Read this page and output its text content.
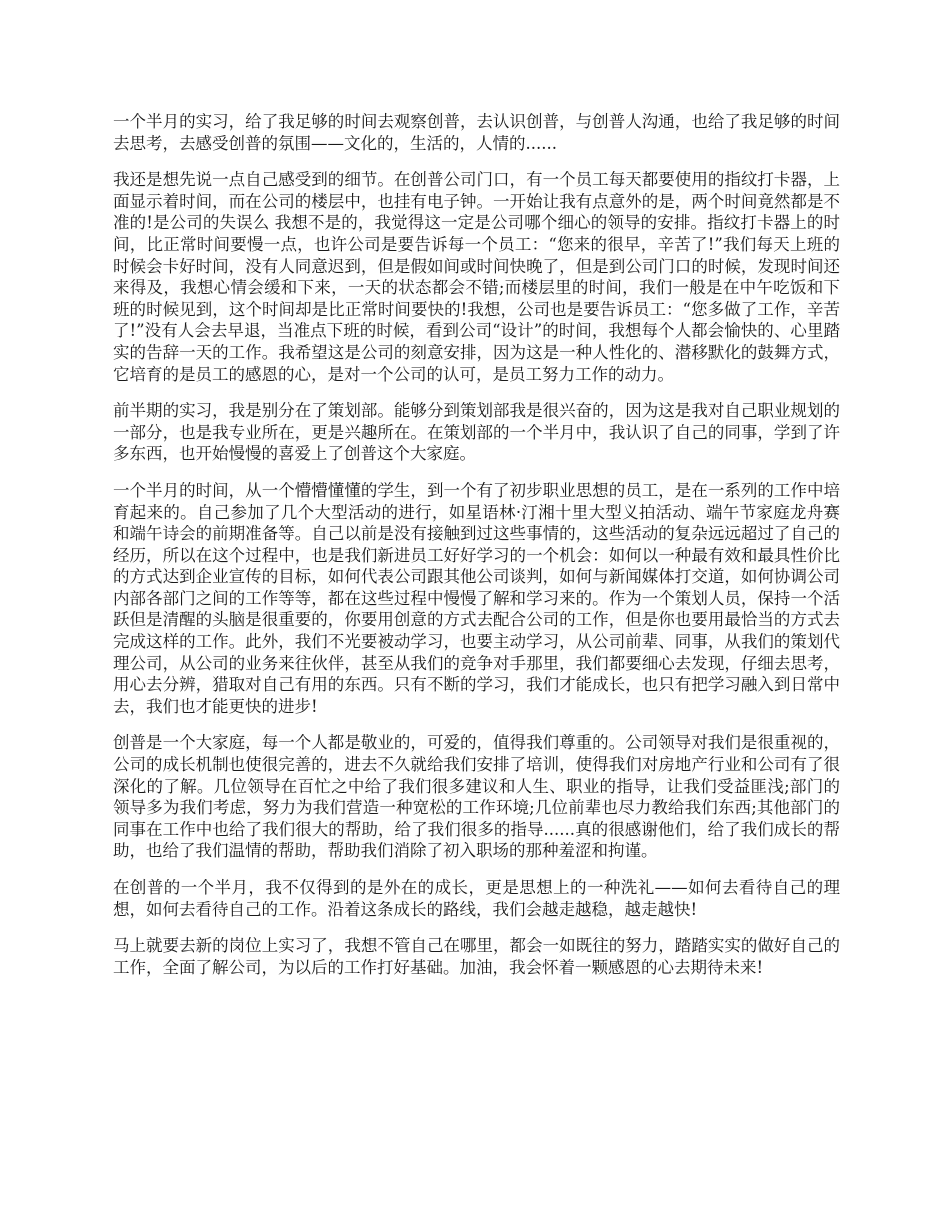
一个半月的实习，给了我足够的时间去观察创普，去认识创普，与创普人沟通，也给了我足够的时间去思考，去感受创普的氛围——文化的，生活的，人情的......

我还是想先说一点自己感受到的细节。在创普公司门口，有一个员工每天都要使用的指纹打卡器，上面显示着时间，而在公司的楼层中，也挂有电子钟。一开始让我有点意外的是，两个时间竟然都是不准的!是公司的失误么 我想不是的，我觉得这一定是公司哪个细心的领导的安排。指纹打卡器上的时间，比正常时间要慢一点，也许公司是要告诉每一个员工：“您来的很早，辛苦了!”我们每天上班的时候会卡好时间，没有人同意迟到，但是假如间或时间快晚了，但是到公司门口的时候，发现时间还来得及，我想心情会缓和下来，一天的状态都会不错;而楼层里的时间，我们一般是在中午吃饭和下班的时候见到，这个时间却是比正常时间要快的!我想，公司也是要告诉员工：“您多做了工作，辛苦了!”没有人会去早退，当准点下班的时候，看到公司“设计”的时间，我想每个人都会愉快的、心里踏实的告辞一天的工作。我希望这是公司的刻意安排，因为这是一种人性化的、潜移默化的鼓舞方式，它培育的是员工的感恩的心，是对一个公司的认可，是员工努力工作的动力。

前半期的实习，我是别分在了策划部。能够分到策划部我是很兴奋的，因为这是我对自己职业规划的一部分，也是我专业所在，更是兴趣所在。在策划部的一个半月中，我认识了自己的同事，学到了许多东西，也开始慢慢的喜爱上了创普这个大家庭。

一个半月的时间，从一个懵懵懂懂的学生，到一个有了初步职业思想的员工，是在一系列的工作中培育起来的。自己参加了几个大型活动的进行，如星语林·汀湘十里大型义拍活动、端午节家庭龙舟赛和端午诗会的前期准备等。自己以前是没有接触到过这些事情的，这些活动的复杂远远超过了自己的经历，所以在这个过程中，也是我们新进员工好好学习的一个机会：如何以一种最有效和最具性价比的方式达到企业宣传的目标，如何代表公司跟其他公司谈判，如何与新闻媒体打交道，如何协调公司内部各部门之间的工作等等，都在这些过程中慢慢了解和学习来的。作为一个策划人员，保持一个活跃但是清醒的头脑是很重要的，你要用创意的方式去配合公司的工作，但是你也要用最恰当的方式去完成这样的工作。此外，我们不光要被动学习，也要主动学习，从公司前辈、同事，从我们的策划代理公司，从公司的业务来往伙伴，甚至从我们的竞争对手那里，我们都要细心去发现，仔细去思考，用心去分辨，猎取对自己有用的东西。只有不断的学习，我们才能成长，也只有把学习融入到日常中去，我们也才能更快的进步!

创普是一个大家庭，每一个人都是敬业的，可爱的，值得我们尊重的。公司领导对我们是很重视的，公司的成长机制也使很完善的，进去不久就给我们安排了培训，使得我们对房地产行业和公司有了很深化的了解。几位领导在百忙之中给了我们很多建议和人生、职业的指导，让我们受益匪浅;部门的领导多为我们考虑，努力为我们营造一种宽松的工作环境;几位前辈也尽力教给我们东西;其他部门的同事在工作中也给了我们很大的帮助，给了我们很多的指导......真的很感谢他们，给了我们成长的帮助，也给了我们温情的帮助，帮助我们消除了初入职场的那种羞涩和拘谨。

在创普的一个半月，我不仅得到的是外在的成长，更是思想上的一种洗礼——如何去看待自己的理想，如何去看待自己的工作。沿着这条成长的路线，我们会越走越稳，越走越快!

马上就要去新的岗位上实习了，我想不管自己在哪里，都会一如既往的努力，踏踏实实的做好自己的工作，全面了解公司，为以后的工作打好基础。加油，我会怀着一颗感恩的心去期待未来!
